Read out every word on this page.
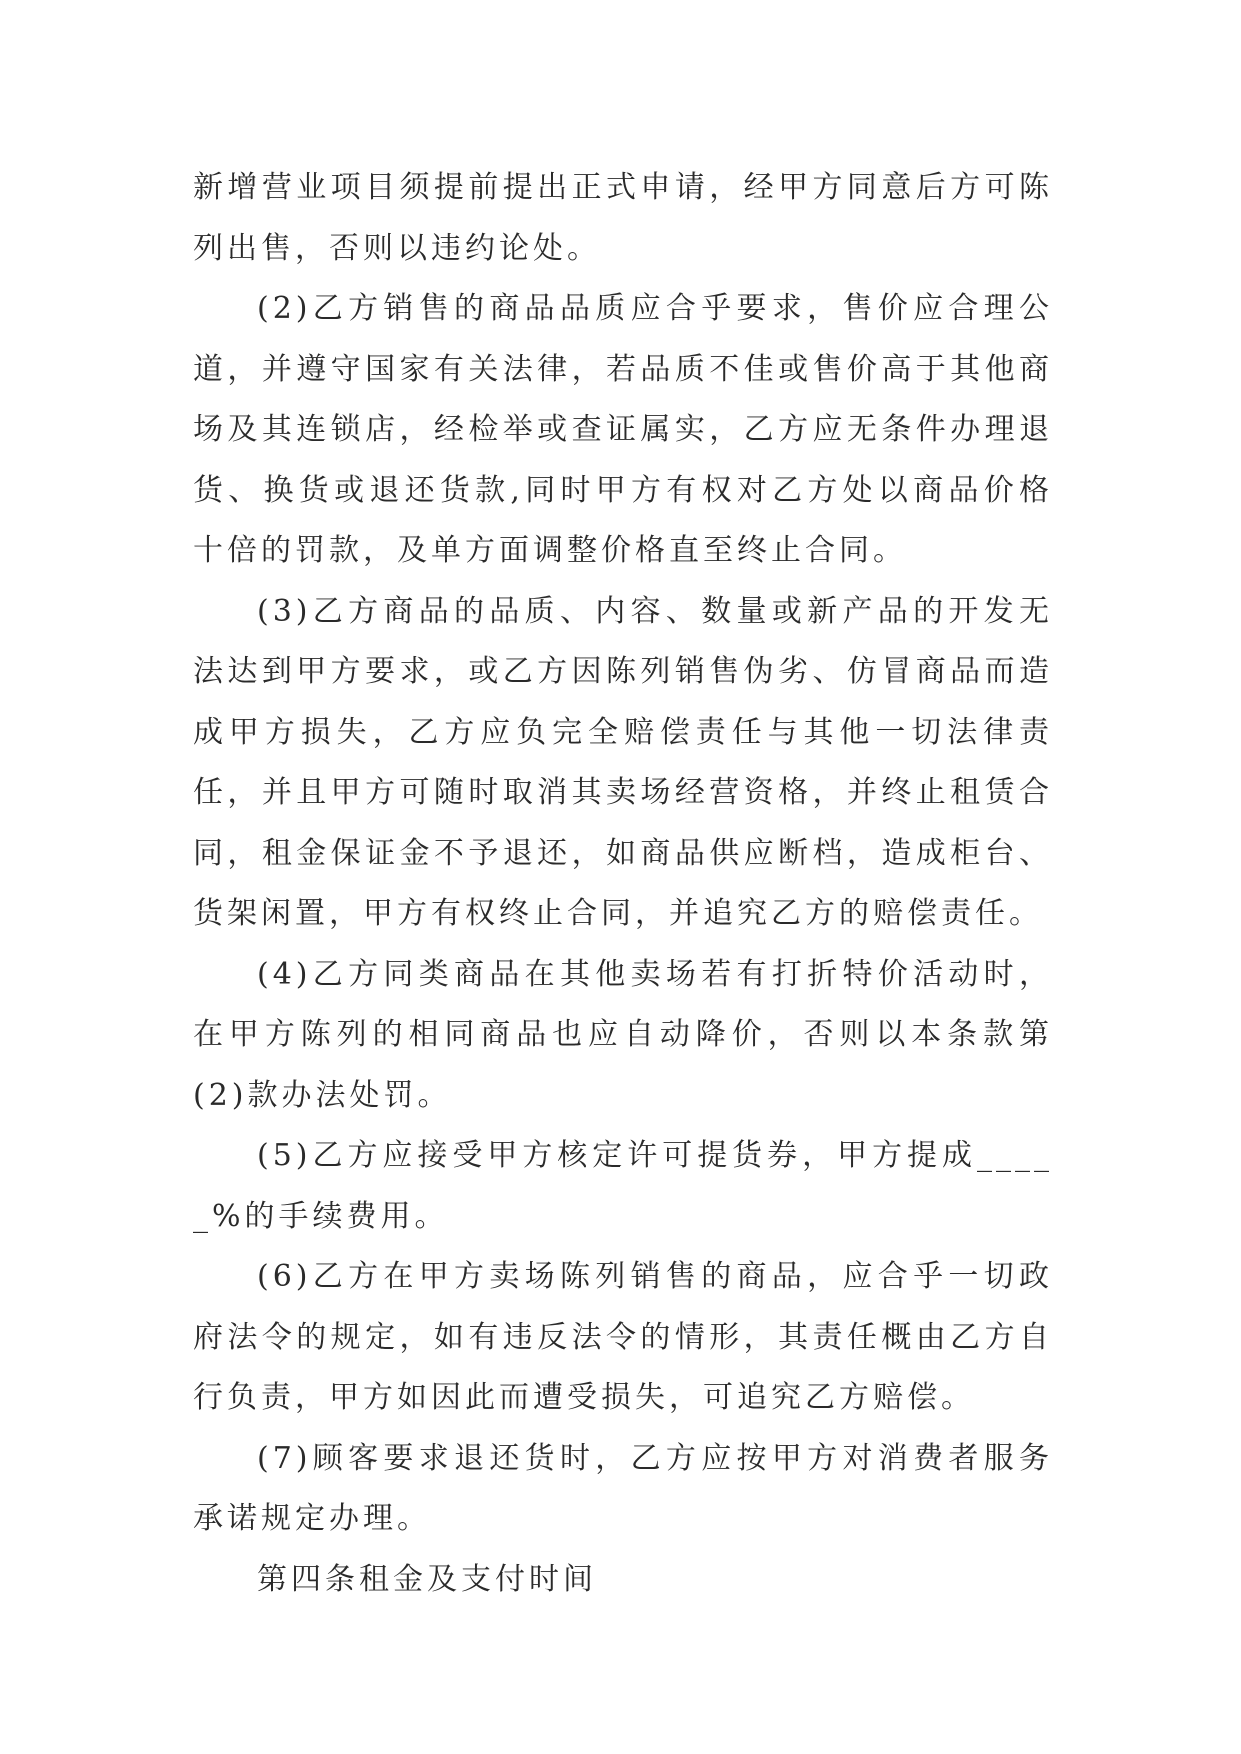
新增营业项目须提前提出正式申请，经甲方同意后方可陈列出售，否则以违约论处。

(2)乙方销售的商品品质应合乎要求，售价应合理公道，并遵守国家有关法律，若品质不佳或售价高于其他商场及其连锁店，经检举或查证属实，乙方应无条件办理退货、换货或退还货款,同时甲方有权对乙方处以商品价格十倍的罚款，及单方面调整价格直至终止合同。

(3)乙方商品的品质、内容、数量或新产品的开发无法达到甲方要求，或乙方因陈列销售伪劣、仿冒商品而造成甲方损失，乙方应负完全赔偿责任与其他一切法律责任，并且甲方可随时取消其卖场经营资格，并终止租赁合同，租金保证金不予退还，如商品供应断档，造成柜台、货架闲置，甲方有权终止合同，并追究乙方的赔偿责任。

(4)乙方同类商品在其他卖场若有打折特价活动时，在甲方陈列的相同商品也应自动降价，否则以本条款第(2)款办法处罚。

(5)乙方应接受甲方核定许可提货券，甲方提成_____%的手续费用。

(6)乙方在甲方卖场陈列销售的商品，应合乎一切政府法令的规定，如有违反法令的情形，其责任概由乙方自行负责，甲方如因此而遭受损失，可追究乙方赔偿。

(7)顾客要求退还货时，乙方应按甲方对消费者服务承诺规定办理。

第四条租金及支付时间
